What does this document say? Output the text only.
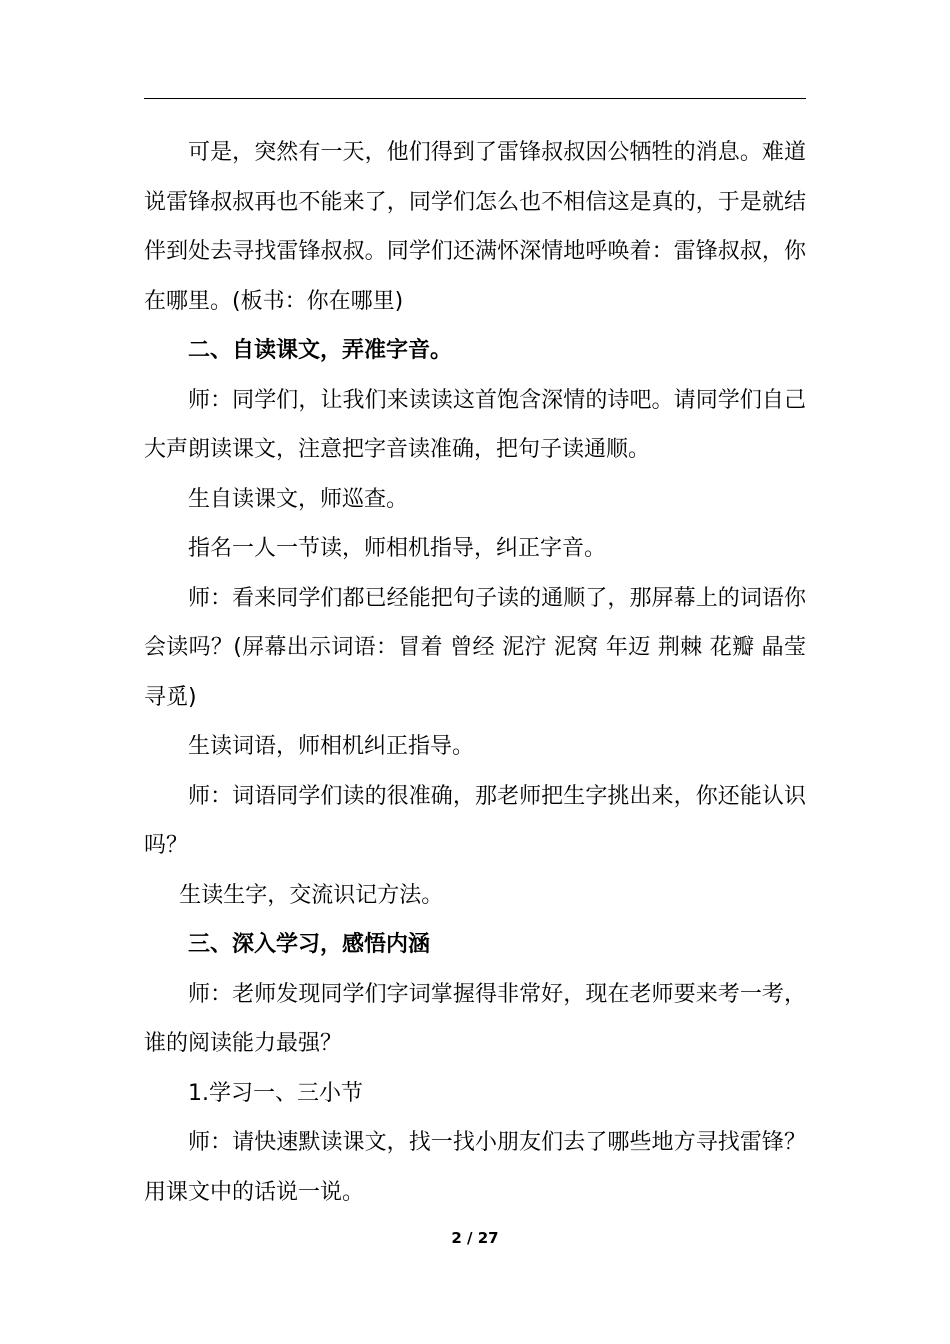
可是，突然有一天，他们得到了雷锋叔叔因公牺牲的消息。难道说雷锋叔叔再也不能来了，同学们怎么也不相信这是真的，于是就结伴到处去寻找雷锋叔叔。同学们还满怀深情地呼唤着：雷锋叔叔，你在哪里。(板书：你在哪里)

二、自读课文，弄准字音。

师：同学们，让我们来读读这首饱含深情的诗吧。请同学们自己大声朗读课文，注意把字音读准确，把句子读通顺。

生自读课文，师巡查。

指名一人一节读，师相机指导，纠正字音。

师：看来同学们都已经能把句子读的通顺了，那屏幕上的词语你会读吗？(屏幕出示词语：冒着 曾经 泥泞 泥窝 年迈 荆棘 花瓣 晶莹 寻觅)

生读词语，师相机纠正指导。

师：词语同学们读的很准确，那老师把生字挑出来，你还能认识吗？

生读生字，交流识记方法。

三、深入学习，感悟内涵

师：老师发现同学们字词掌握得非常好，现在老师要来考一考，谁的阅读能力最强？

1.学习一、三小节

师：请快速默读课文，找一找小朋友们去了哪些地方寻找雷锋？用课文中的话说一说。

2 / 27
